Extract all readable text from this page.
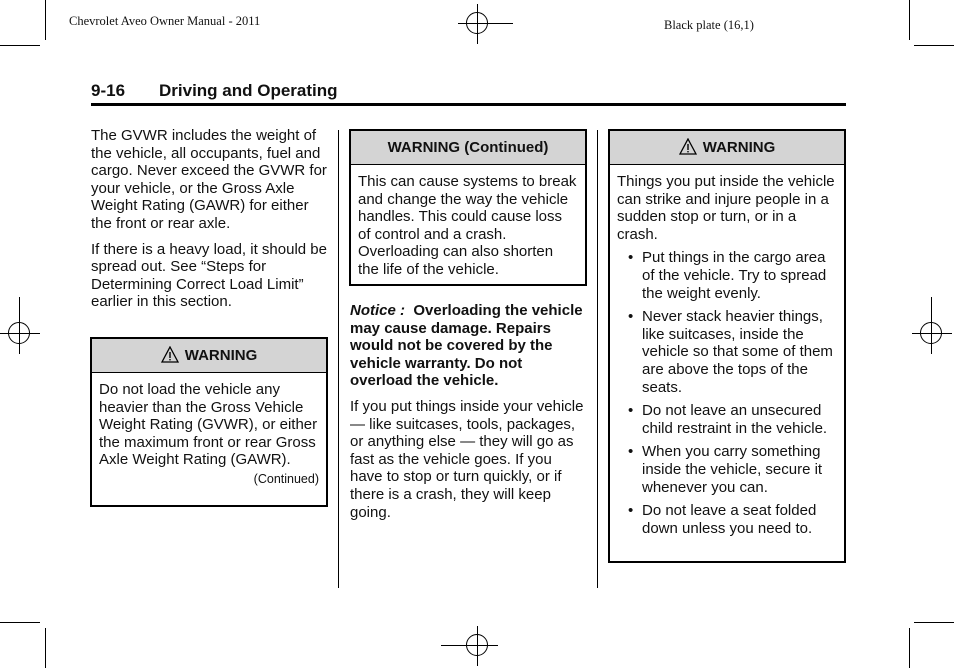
Chevrolet Aveo Owner Manual - 2011	Black plate (16,1)
9-16 Driving and Operating

The GVWR includes the weight of the vehicle, all occupants, fuel and cargo. Never exceed the GVWR for your vehicle, or the Gross Axle Weight Rating (GAWR) for either the front or rear axle.

If there is a heavy load, it should be spread out. See “Steps for Determining Correct Load Limit” earlier in this section.

WARNING
Do not load the vehicle any heavier than the Gross Vehicle Weight Rating (GVWR), or either the maximum front or rear Gross Axle Weight Rating (GAWR).
(Continued)
WARNING (Continued)
This can cause systems to break and change the way the vehicle handles. This could cause loss of control and a crash. Overloading can also shorten the life of the vehicle.

Notice : Overloading the vehicle may cause damage. Repairs would not be covered by the vehicle warranty. Do not overload the vehicle.

If you put things inside your vehicle — like suitcases, tools, packages, or anything else — they will go as fast as the vehicle goes. If you have to stop or turn quickly, or if there is a crash, they will keep going.

WARNING
Things you put inside the vehicle can strike and injure people in a sudden stop or turn, or in a crash.
• Put things in the cargo area of the vehicle. Try to spread the weight evenly.
• Never stack heavier things, like suitcases, inside the vehicle so that some of them are above the tops of the seats.
• Do not leave an unsecured child restraint in the vehicle.
• When you carry something inside the vehicle, secure it whenever you can.
• Do not leave a seat folded down unless you need to.
